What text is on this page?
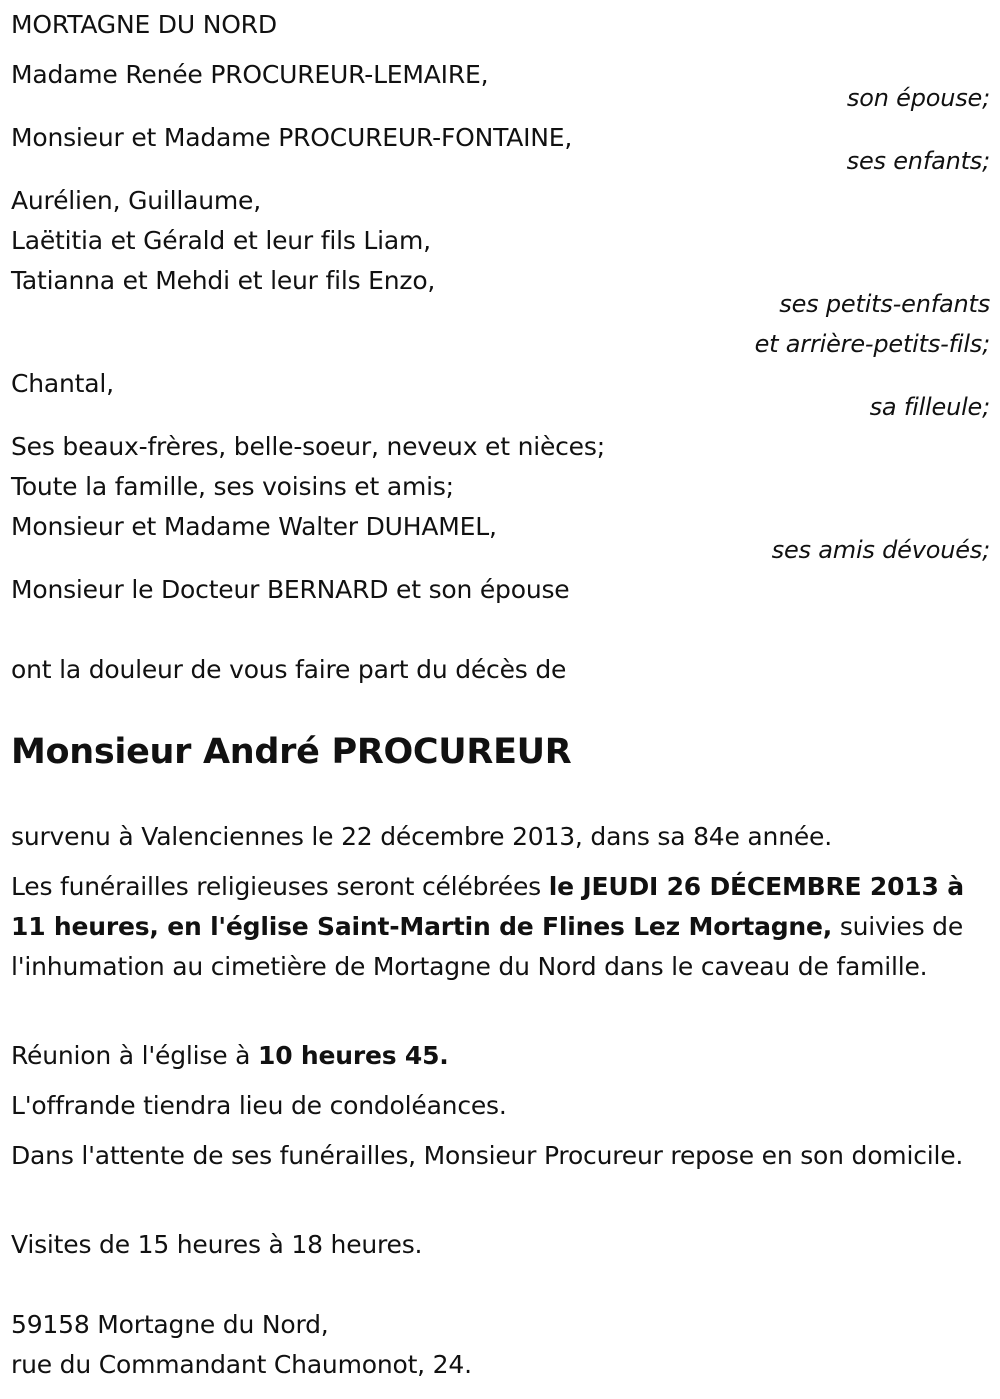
MORTAGNE DU NORD
Madame Renée PROCUREUR-LEMAIRE,
son épouse;
Monsieur et Madame PROCUREUR-FONTAINE,
ses enfants;
Aurélien, Guillaume,
Laëtitia et Gérald et leur fils Liam,
Tatianna et Mehdi et leur fils Enzo,
ses petits-enfants
et arrière-petits-fils;
Chantal,
sa filleule;
Ses beaux-frères, belle-soeur, neveux et nièces;
Toute la famille, ses voisins et amis;
Monsieur et Madame Walter DUHAMEL,
ses amis dévoués;
Monsieur le Docteur BERNARD et son épouse
ont la douleur de vous faire part du décès de
Monsieur André PROCUREUR
survenu à Valenciennes le 22 décembre 2013, dans sa 84e année.
Les funérailles religieuses seront célébrées le JEUDI 26 DÉCEMBRE 2013 à 11 heures, en l'église Saint-Martin de Flines Lez Mortagne, suivies de l'inhumation au cimetière de Mortagne du Nord dans le caveau de famille.
Réunion à l'église à 10 heures 45.
L'offrande tiendra lieu de condoléances.
Dans l'attente de ses funérailles, Monsieur Procureur repose en son domicile.
Visites de 15 heures à 18 heures.
59158 Mortagne du Nord,
rue du Commandant Chaumonot, 24.
